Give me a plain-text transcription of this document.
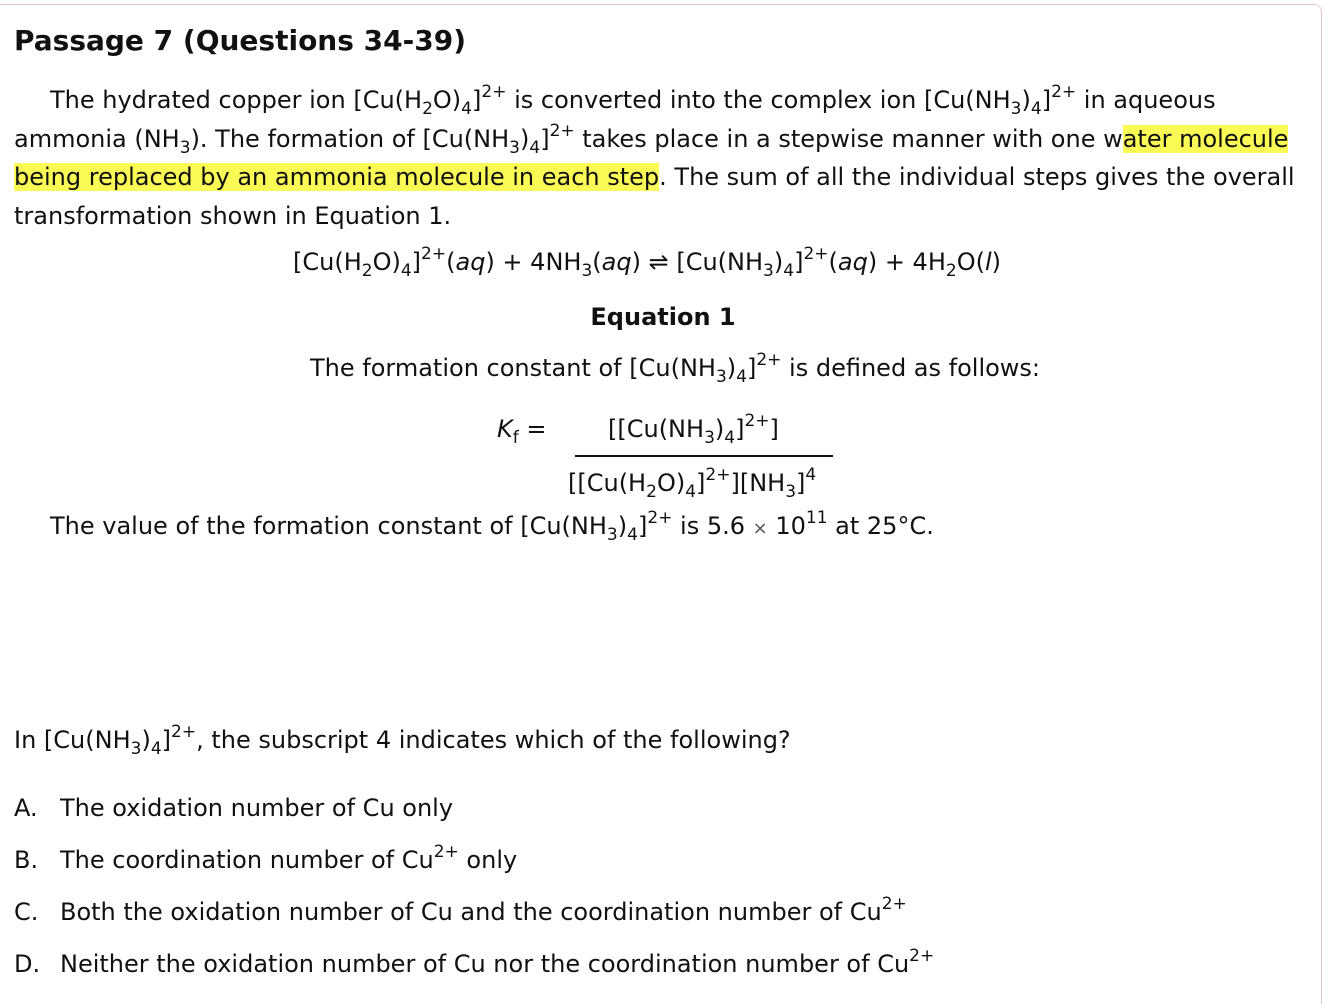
Passage 7 (Questions 34-39)
The hydrated copper ion $[Cu(H_2O)_4]^{2+}$ is converted into the complex ion $[Cu(NH_3)_4]^{2+}$ in aqueous ammonia $(NH_3)$. The formation of $[Cu(NH_3)_4]^{2+}$ takes place in a stepwise manner with one water molecule being replaced by an ammonia molecule in each step. The sum of all the individual steps gives the overall transformation shown in Equation 1.
$[Cu(H_2O)_4]^{2+}(aq) + 4NH_3(aq)$ ⇌ $[Cu(NH_3)_4]^{2+}(aq) + 4H_2O(l)$
Equation 1
The formation constant of $[Cu(NH_3)_4]^{2+}$ is defined as follows:
$K_f$ =	$[[Cu(NH_3)_4]^{2+}]$
$[[Cu(H_2O)_4]^{2+}][NH_3]^4$
The value of the formation constant of $[Cu(NH_3)_4]^{2+}$ is $5.6 \times 10^{11}$ at 25°C.
In $[Cu(NH_3)_4]^{2+}$, the subscript 4 indicates which of the following?
A. The oxidation number of Cu only
B. The coordination number of $Cu^{2+}$ only
C. Both the oxidation number of Cu and the coordination number of $Cu^{2+}$
D. Neither the oxidation number of Cu nor the coordination number of $Cu^{2+}$
